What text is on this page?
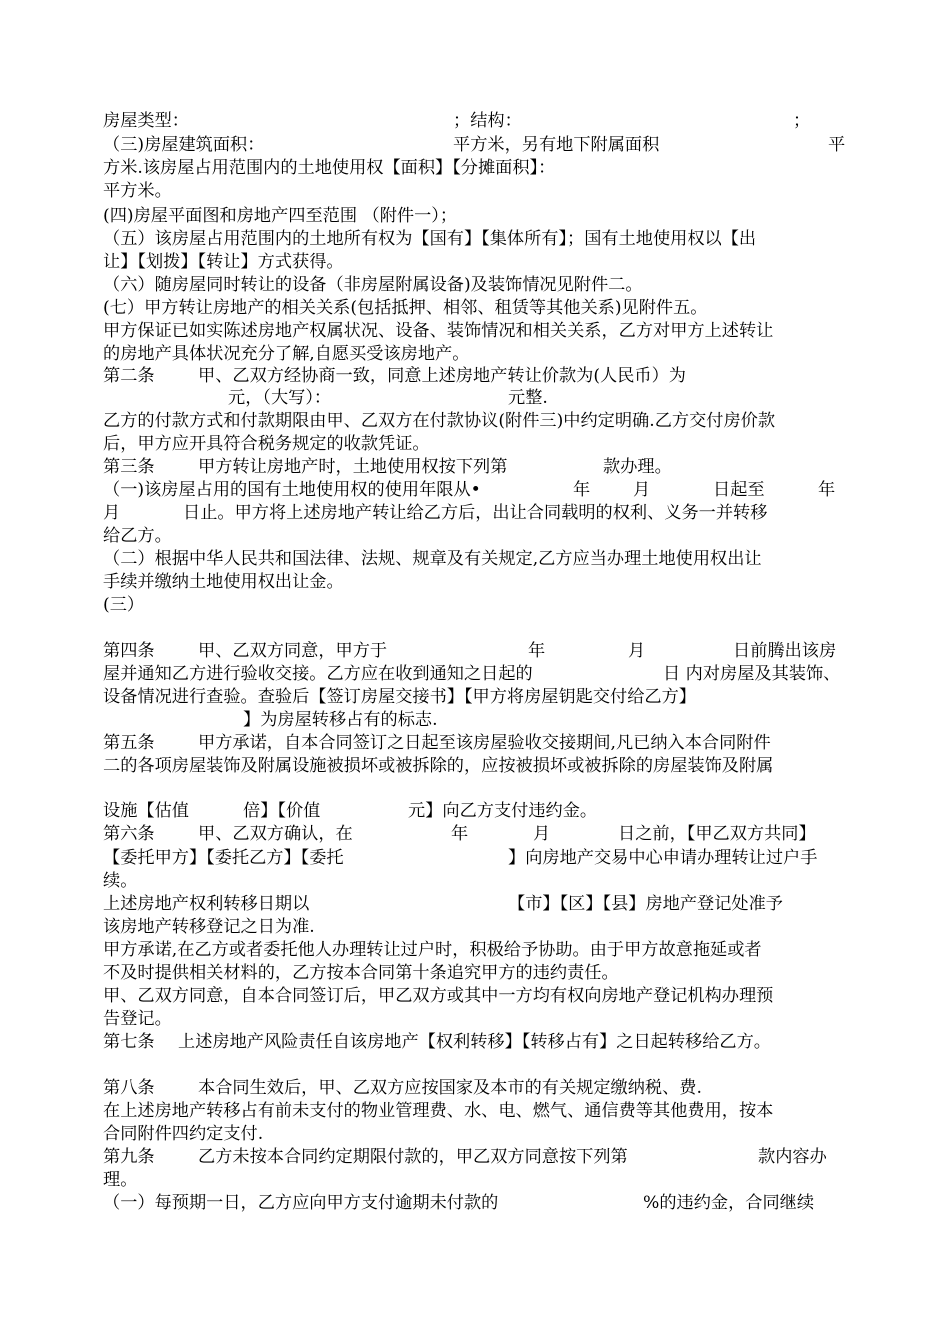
房屋类型：	；结构：	；
（三)房屋建筑面积：	平方米，另有地下附属面积	平
方米.该房屋占用范围内的土地使用权【面积】【分摊面积】：
平方米。
(四)房屋平面图和房地产四至范围 （附件一）；
（五）该房屋占用范围内的土地所有权为【国有】【集体所有】；国有土地使用权以【出
让】【划拨】【转让】方式获得。
（六）随房屋同时转让的设备（非房屋附属设备)及装饰情况见附件二。
(七）甲方转让房地产的相关关系(包括抵押、相邻、租赁等其他关系)见附件五。
甲方保证已如实陈述房地产权属状况、设备、装饰情况和相关关系，乙方对甲方上述转让
的房地产具体状况充分了解,自愿买受该房地产。
第二条	甲、乙双方经协商一致，同意上述房地产转让价款为(人民币）为
元，（大写）：	元整.
乙方的付款方式和付款期限由甲、乙双方在付款协议(附件三)中约定明确.乙方交付房价款
后，甲方应开具符合税务规定的收款凭证。
第三条	甲方转让房地产时，土地使用权按下列第	款办理。
（一)该房屋占用的国有土地使用权的使用年限从•	年 月	日起至	年
月	日止。甲方将上述房地产转让给乙方后，出让合同载明的权利、义务一并转移
给乙方。
（二）根据中华人民共和国法律、法规、规章及有关规定,乙方应当办理土地使用权出让
手续并缴纳土地使用权出让金。
(三）
第四条	甲、乙双方同意，甲方于	年	月	日前腾出该房
屋并通知乙方进行验收交接。乙方应在收到通知之日起的	日 内对房屋及其装饰、
设备情况进行查验。查验后【签订房屋交接书】【甲方将房屋钥匙交付给乙方】
】为房屋转移占有的标志.
第五条	甲方承诺，自本合同签订之日起至该房屋验收交接期间,凡已纳入本合同附件
二的各项房屋装饰及附属设施被损坏或被拆除的，应按被损坏或被拆除的房屋装饰及附属
设施【估值	倍】【价值	元】向乙方支付违约金。
第六条	甲、乙双方确认，在	年	月	日之前，【甲乙双方共同】
【委托甲方】【委托乙方】【委托	】向房地产交易中心申请办理转让过户手
续。
上述房地产权利转移日期以	【市】【区】【县】房地产登记处准予
该房地产转移登记之日为准.
甲方承诺,在乙方或者委托他人办理转让过户时，积极给予协助。由于甲方故意拖延或者
不及时提供相关材料的，乙方按本合同第十条追究甲方的违约责任。
甲、乙双方同意，自本合同签订后，甲乙双方或其中一方均有权向房地产登记机构办理预
告登记。
第七条 上述房地产风险责任自该房地产【权利转移】【转移占有】之日起转移给乙方。
第八条	本合同生效后，甲、乙双方应按国家及本市的有关规定缴纳税、费.
在上述房地产转移占有前未支付的物业管理费、水、电、燃气、通信费等其他费用，按本
合同附件四约定支付.
第九条	乙方未按本合同约定期限付款的，甲乙双方同意按下列第	款内容办
理。
（一）每预期一日，乙方应向甲方支付逾期未付款的	%的违约金，合同继续
